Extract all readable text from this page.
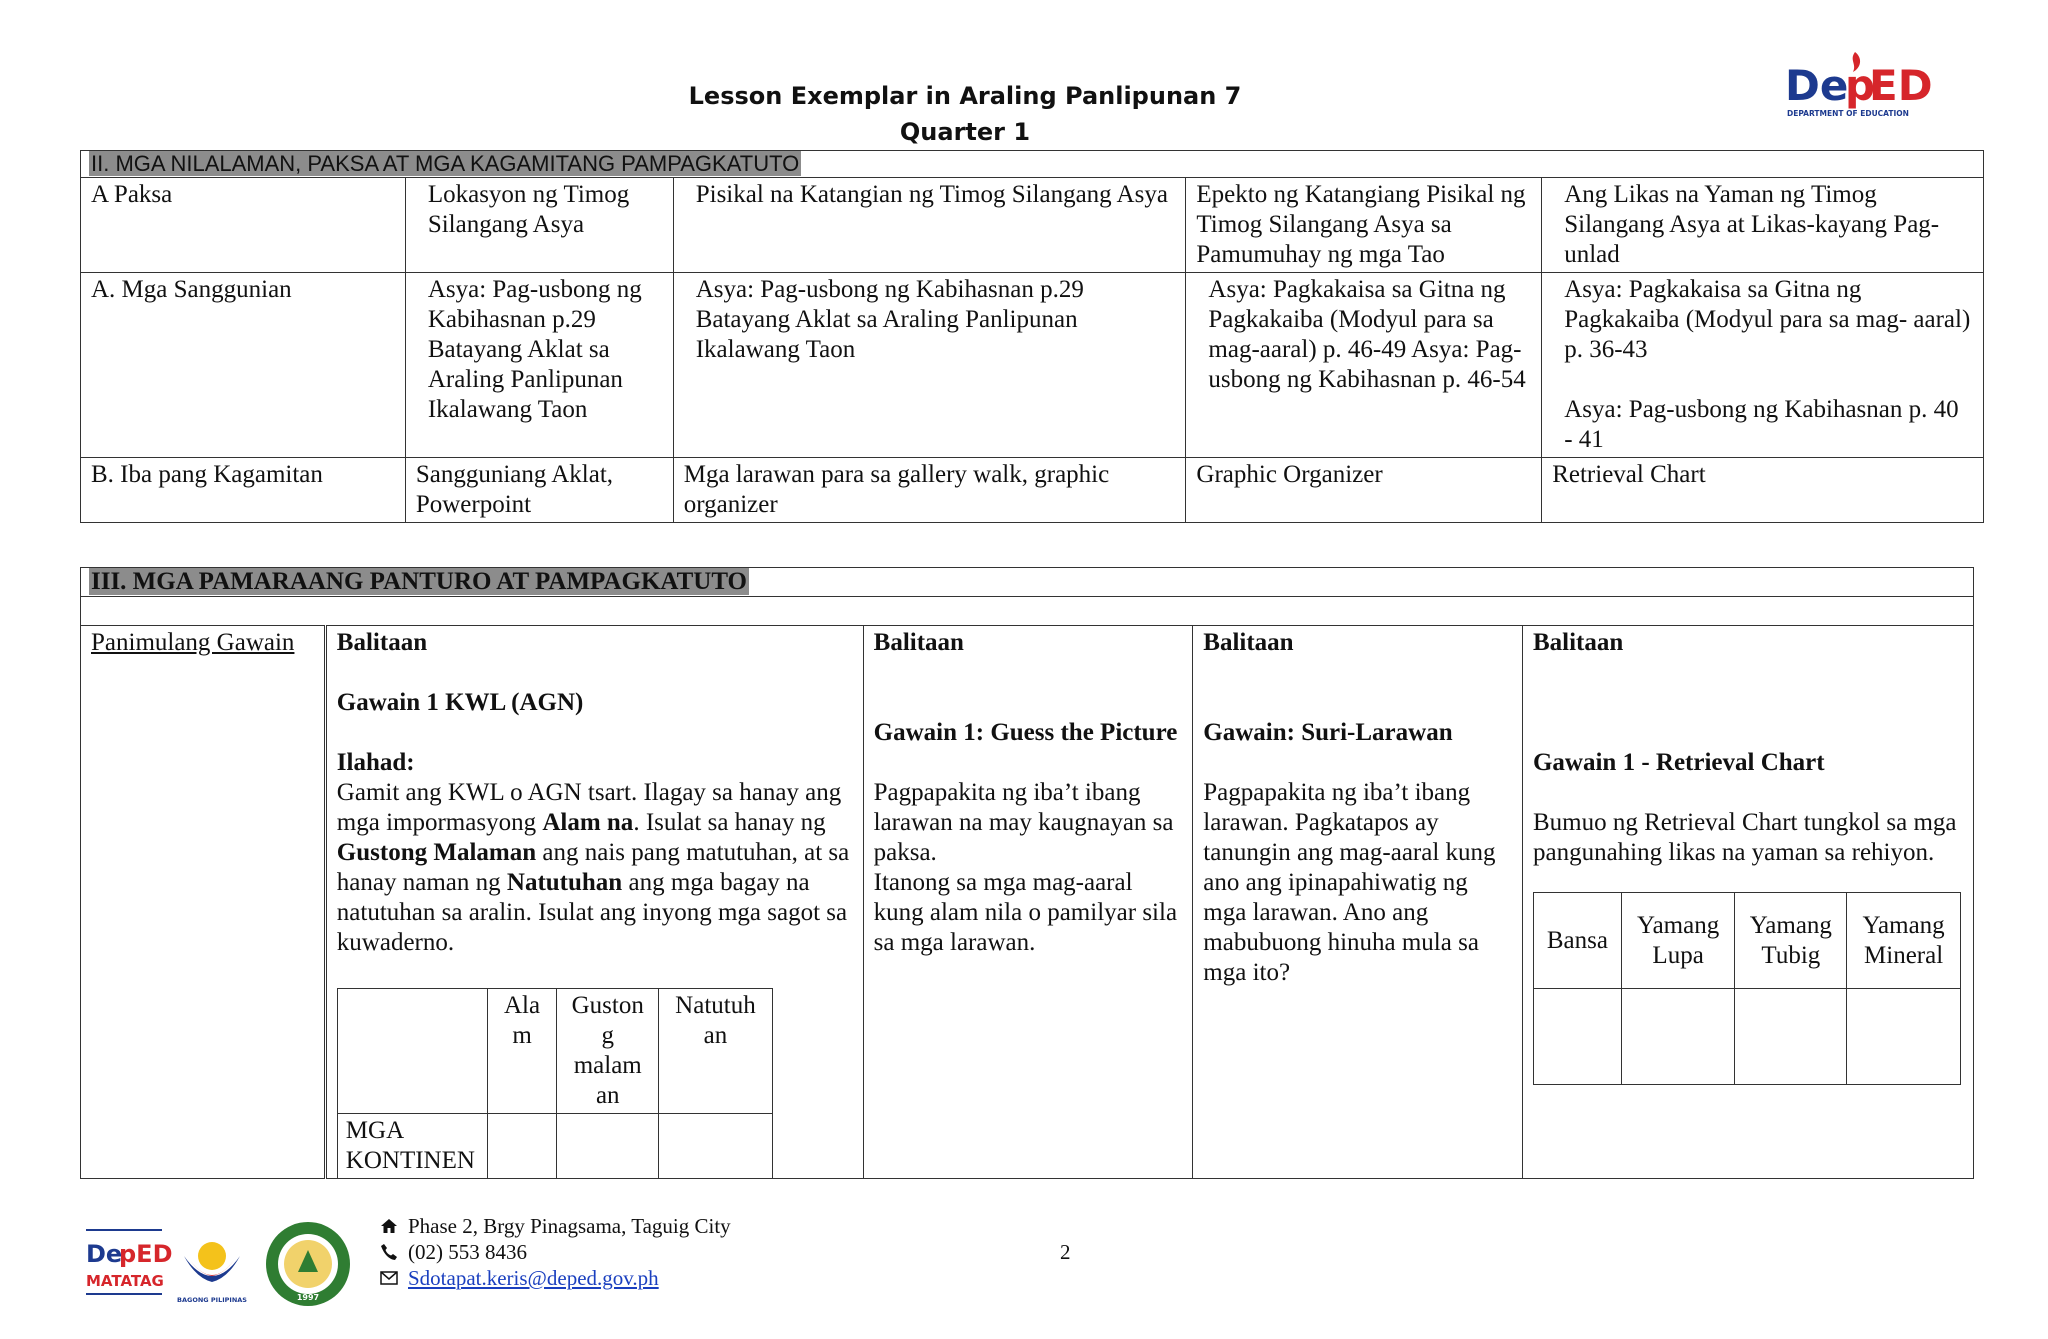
Lesson Exemplar in Araling Panlipunan 7
Quarter 1
De
p
ED
DEPARTMENT OF EDUCATION
II. MGA NILALAMAN, PAKSA AT MGA KAGAMITANG PAMPAGKATUTO				
A Paksa	Lokasyon ng Timog Silangang Asya	Pisikal na Katangian ng Timog Silangang Asya	Epekto ng Katangiang Pisikal ng Timog Silangang Asya sa Pamumuhay ng mga Tao	Ang Likas na Yaman ng Timog Silangang Asya at Likas-kayang Pag-unlad
A. Mga Sanggunian	Asya: Pag-usbong ng Kabihasnan p.29 Batayang Aklat sa Araling Panlipunan Ikalawang Taon	Asya: Pag-usbong ng Kabihasnan p.29 Batayang Aklat sa Araling Panlipunan Ikalawang Taon	Asya: Pagkakaisa sa Gitna ng Pagkakaiba (Modyul para sa mag-aaral) p. 46-49 Asya: Pag-usbong ng Kabihasnan p. 46-54	Asya: Pagkakaisa sa Gitna ng Pagkakaiba (Modyul para sa mag- aaral) p. 36-43
Asya: Pag-usbong ng Kabihasnan p. 40 - 41

B. Iba pang Kagamitan	Sangguniang Aklat, Powerpoint	Mga larawan para sa gallery walk, graphic organizer	Graphic Organizer	Retrieval Chart
III. MGA PAMARAANG PANTURO AT PAMPAGKATUTO

Panimulang Gawain	Balitaan
Gawain 1 KWL (AGN)
Ilahad:
Gamit ang KWL o AGN tsart. Ilagay sa hanay ang mga impormasyong Alam na. Isulat sa hanay ng Gustong Malaman ang nais pang matutuhan, at sa hanay naman ng Natutuhan ang mga bagay na natutuhan sa aralin. Isulat ang inyong mga sagot sa kuwaderno.
	Ala m	Guston g malam an	Natutuh an
MGA KONTINEN			

Balitaan
Gawain 1: Guess the Picture
Pagpapakita ng iba’t ibang larawan na may kaugnayan sa paksa.
Itanong sa mga mag-aaral kung alam nila o pamilyar sila sa mga larawan.

Balitaan
Gawain: Suri-Larawan
Pagpapakita ng iba’t ibang larawan. Pagkatapos ay tanungin ang mag-aaral kung ano ang ipinapahiwatig ng mga larawan. Ano ang mabubuong hinuha mula sa mga ito?

Balitaan
Gawain 1 - Retrieval Chart
Bumuo ng Retrieval Chart tungkol sa mga pangunahing likas na yaman sa rehiyon.
Bansa	Yamang Lupa	Yamang Tubig	Yamang Mineral

De
pED
MATATAG
BAGONG PILIPINAS	1997
Phase 2, Brgy Pinagsama, Taguig City
(02) 553 8436
Sdotapat.keris@deped.gov.ph
2
